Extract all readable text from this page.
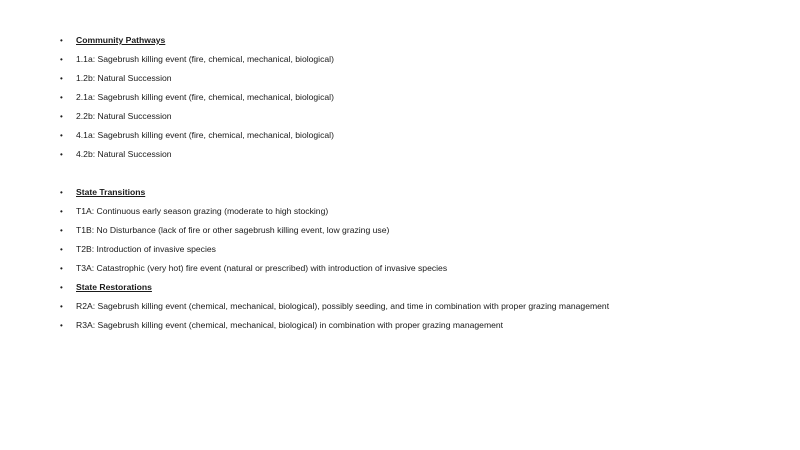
•	Community Pathways
•	1.1a: Sagebrush killing event (fire, chemical, mechanical, biological)
•	1.2b: Natural Succession
•	2.1a: Sagebrush killing event (fire, chemical, mechanical, biological)
•	2.2b: Natural Succession
•	4.1a: Sagebrush killing event (fire, chemical, mechanical, biological)
•	4.2b: Natural Succession
•	State Transitions
•	T1A: Continuous early season grazing (moderate to high stocking)
•	T1B: No Disturbance (lack of fire or other sagebrush killing event, low grazing use)
•	T2B: Introduction of invasive species
•	T3A: Catastrophic (very hot) fire event (natural or prescribed) with introduction of invasive species
•	State Restorations
•	R2A: Sagebrush killing event (chemical, mechanical, biological), possibly seeding, and time in combination with proper grazing management
•	R3A: Sagebrush killing event (chemical, mechanical, biological) in combination with proper grazing management
